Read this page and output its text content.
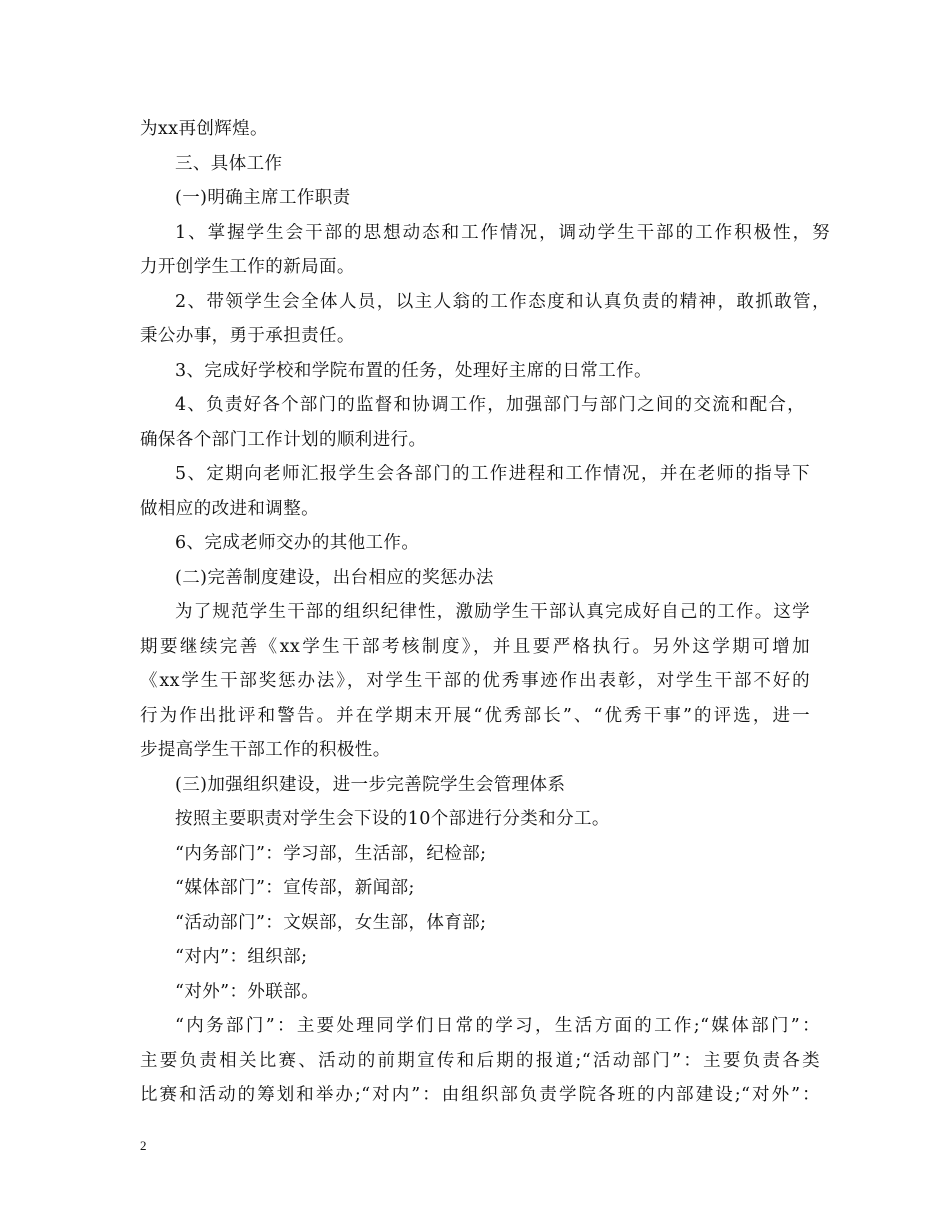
为xx再创辉煌。
三、具体工作
(一)明确主席工作职责
1、掌握学生会干部的思想动态和工作情况，调动学生干部的工作积极性，努
力开创学生工作的新局面。
2、带领学生会全体人员，以主人翁的工作态度和认真负责的精神，敢抓敢管，
秉公办事，勇于承担责任。
3、完成好学校和学院布置的任务，处理好主席的日常工作。
4、负责好各个部门的监督和协调工作，加强部门与部门之间的交流和配合，
确保各个部门工作计划的顺利进行。
5、定期向老师汇报学生会各部门的工作进程和工作情况，并在老师的指导下
做相应的改进和调整。
6、完成老师交办的其他工作。
(二)完善制度建设，出台相应的奖惩办法
为了规范学生干部的组织纪律性，激励学生干部认真完成好自己的工作。这学
期要继续完善《xx学生干部考核制度》，并且要严格执行。另外这学期可增加
《xx学生干部奖惩办法》，对学生干部的优秀事迹作出表彰，对学生干部不好的
行为作出批评和警告。并在学期末开展“优秀部长”、“优秀干事”的评选，进一
步提高学生干部工作的积极性。
(三)加强组织建设，进一步完善院学生会管理体系
按照主要职责对学生会下设的10个部进行分类和分工。
“内务部门”：学习部，生活部，纪检部;
“媒体部门”：宣传部，新闻部;
“活动部门”：文娱部，女生部，体育部;
“对内”：组织部;
“对外”：外联部。
“内务部门”：主要处理同学们日常的学习，生活方面的工作;“媒体部门”：
主要负责相关比赛、活动的前期宣传和后期的报道;“活动部门”：主要负责各类
比赛和活动的筹划和举办;“对内”：由组织部负责学院各班的内部建设;“对外”：
2
